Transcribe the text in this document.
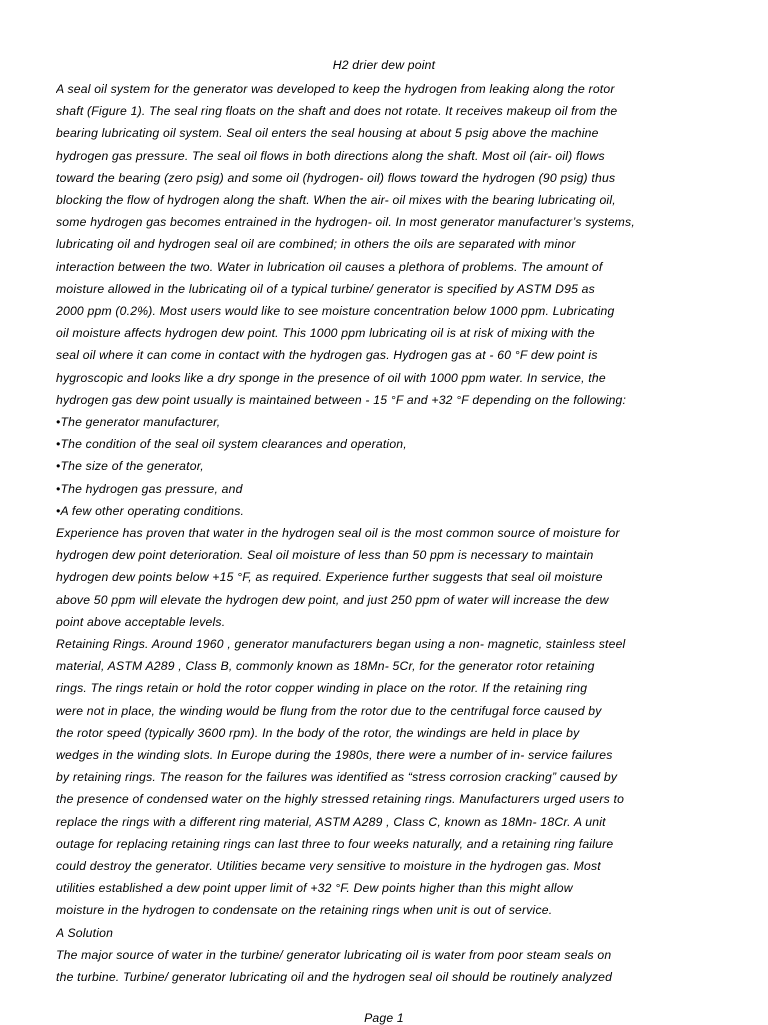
H2 drier dew point
A seal oil system for the generator was developed to keep the hydrogen from leaking along the rotor
shaft (Figure 1). The seal ring floats on the shaft and does not rotate. It receives makeup oil from the
bearing lubricating oil system. Seal oil enters the seal housing at about 5 psig above the machine
hydrogen gas pressure. The seal oil flows in both directions along the shaft. Most oil (air- oil) flows
toward the bearing (zero psig) and some oil (hydrogen- oil) flows toward the hydrogen (90 psig) thus
blocking the flow of hydrogen along the shaft. When the air- oil mixes with the bearing lubricating oil,
some hydrogen gas becomes entrained in the hydrogen- oil. In most generator manufacturer’s systems,
lubricating oil and hydrogen seal oil are combined; in others the oils are separated with minor
interaction between the two. Water in lubrication oil causes a plethora of problems. The amount of
moisture allowed in the lubricating oil of a typical turbine/ generator is specified by ASTM D95 as
2000 ppm (0.2%). Most users would like to see moisture concentration below 1000 ppm. Lubricating
oil moisture affects hydrogen dew point. This 1000 ppm lubricating oil is at risk of mixing with the
seal oil where it can come in contact with the hydrogen gas. Hydrogen gas at - 60 °F dew point is
hygroscopic and looks like a dry sponge in the presence of oil with 1000 ppm water. In service, the
hydrogen gas dew point usually is maintained between - 15 °F and +32 °F depending on the following:
•The generator manufacturer,
•The condition of the seal oil system clearances and operation,
•The size of the generator,
•The hydrogen gas pressure, and
•A few other operating conditions.
Experience has proven that water in the hydrogen seal oil is the most common source of moisture for
hydrogen dew point deterioration. Seal oil moisture of less than 50 ppm is necessary to maintain
hydrogen dew points below +15 °F, as required. Experience further suggests that seal oil moisture
above 50 ppm will elevate the hydrogen dew point, and just 250 ppm of water will increase the dew
point above acceptable levels.
Retaining Rings. Around 1960 , generator manufacturers began using a non- magnetic, stainless steel
material, ASTM A289 , Class B, commonly known as 18Mn- 5Cr, for the generator rotor retaining
rings. The rings retain or hold the rotor copper winding in place on the rotor. If the retaining ring
were not in place, the winding would be flung from the rotor due to the centrifugal force caused by
the rotor speed (typically 3600 rpm). In the body of the rotor, the windings are held in place by
wedges in the winding slots. In Europe during the 1980s, there were a number of in- service failures
by retaining rings. The reason for the failures was identified as “stress corrosion cracking” caused by
the presence of condensed water on the highly stressed retaining rings. Manufacturers urged users to
replace the rings with a different ring material, ASTM A289 , Class C, known as 18Mn- 18Cr. A unit
outage for replacing retaining rings can last three to four weeks naturally, and a retaining ring failure
could destroy the generator. Utilities became very sensitive to moisture in the hydrogen gas. Most
utilities established a dew point upper limit of +32 °F. Dew points higher than this might allow
moisture in the hydrogen to condensate on the retaining rings when unit is out of service.
A Solution
The major source of water in the turbine/ generator lubricating oil is water from poor steam seals on
the turbine. Turbine/ generator lubricating oil and the hydrogen seal oil should be routinely analyzed
Page 1
